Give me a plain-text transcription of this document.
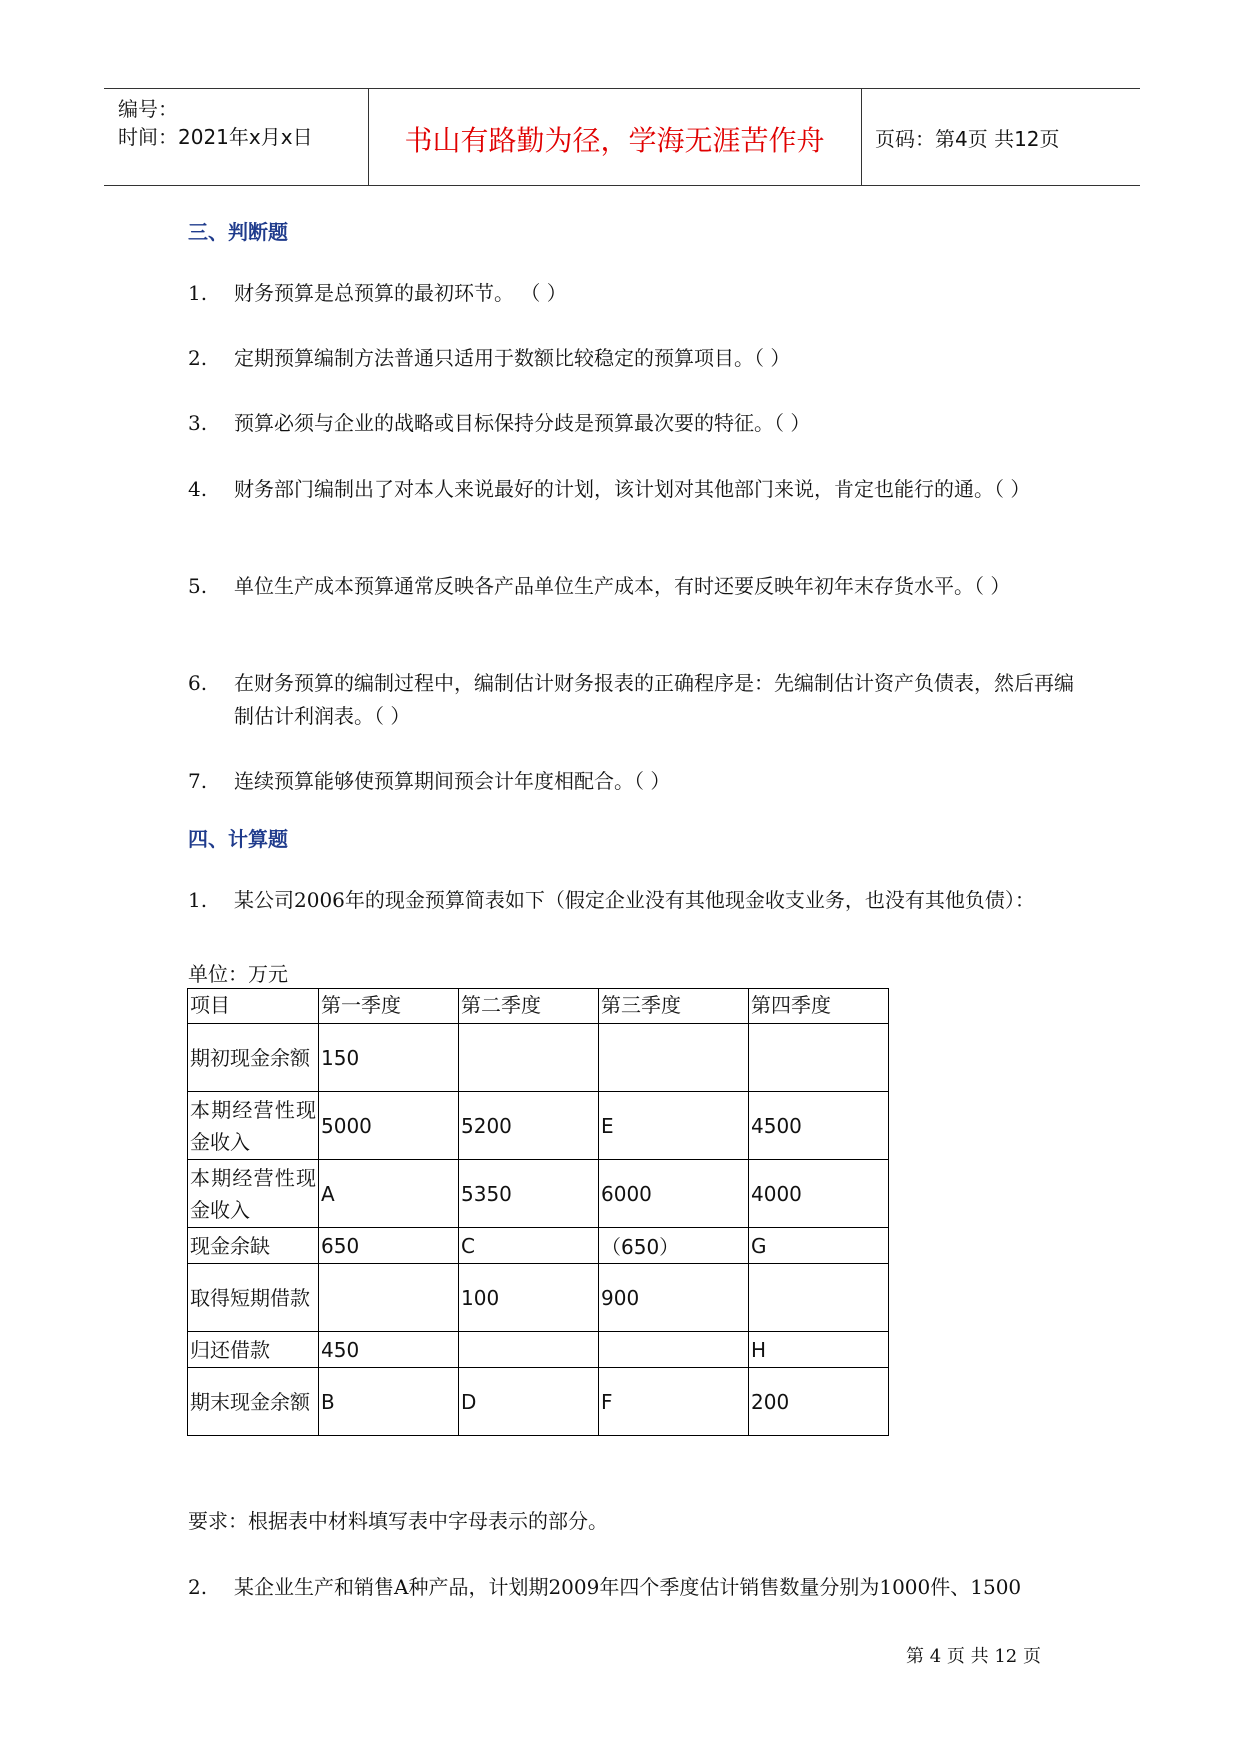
编号：
时间：2021年x月x日	书山有路勤为径，学海无涯苦作舟	页码：第4页 共12页
三、判断题
1. 财务预算是总预算的最初环节。 （ ）
2. 定期预算编制方法普通只适用于数额比较稳定的预算项目。（ ）
3. 预算必须与企业的战略或目标保持分歧是预算最次要的特征。（ ）
4. 财务部门编制出了对本人来说最好的计划，该计划对其他部门来说，肯定也能行的通。（ ）
5. 单位生产成本预算通常反映各产品单位生产成本，有时还要反映年初年末存货水平。（ ）
6. 在财务预算的编制过程中，编制估计财务报表的正确程序是：先编制估计资产负债表，然后再编制估计利润表。（ ）
7. 连续预算能够使预算期间预会计年度相配合。（ ）
四、计算题
1. 某公司2006年的现金预算简表如下（假定企业没有其他现金收支业务，也没有其他负债）：
单位：万元
项目	第一季度	第二季度	第三季度	第四季度
期初现金余额	150			
本期经营性现金收入	5000	5200	E	4500
本期经营性现金收入	A	5350	6000	4000
现金余缺	650	C	（650）	G
取得短期借款		100	900	
归还借款	450			H
期末现金余额	B	D	F	200
要求：根据表中材料填写表中字母表示的部分。
2. 某企业生产和销售A种产品，计划期2009年四个季度估计销售数量分别为1000件、1500
第 4 页 共 12 页
